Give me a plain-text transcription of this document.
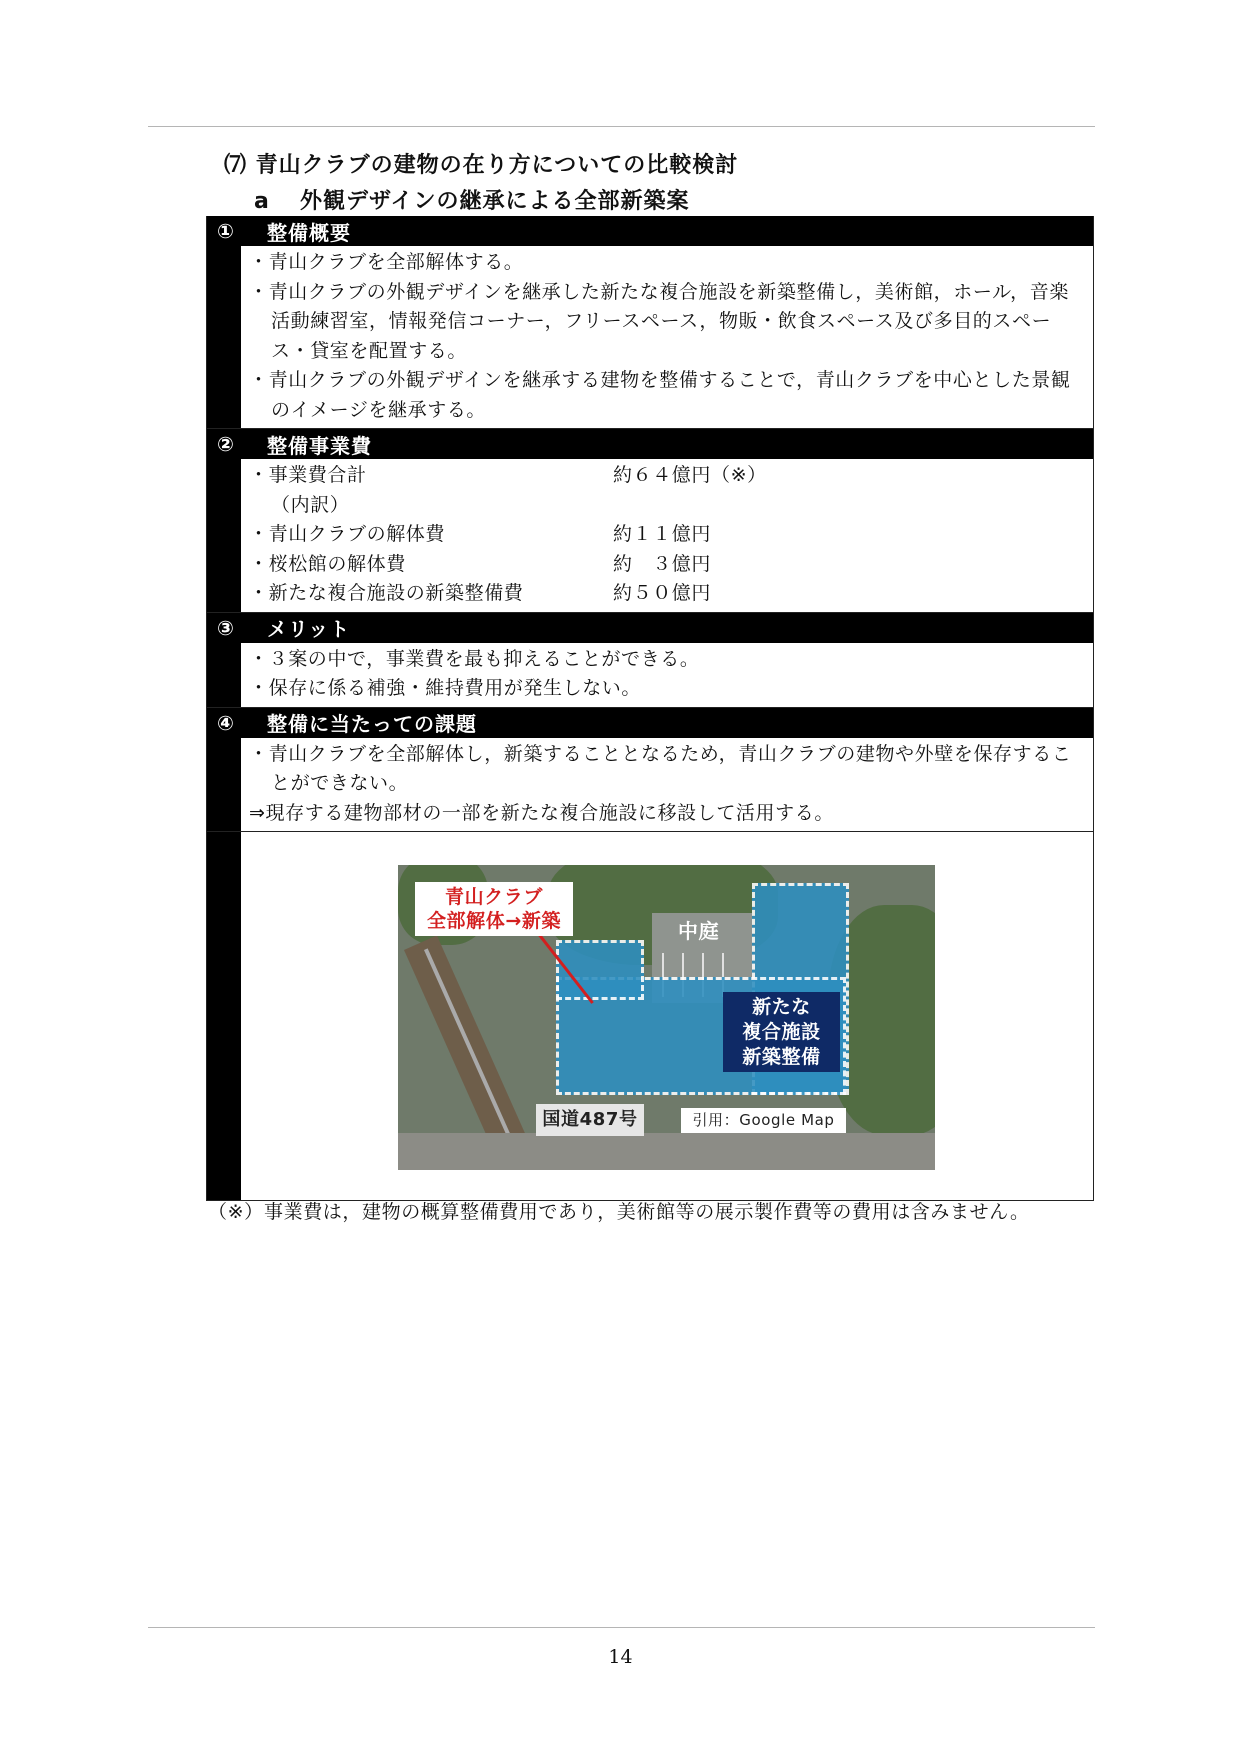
⑺ 青山クラブの建物の在り方についての比較検討
a 外観デザインの継承による全部新築案
①	整備概要
・青山クラブを全部解体する。
・青山クラブの外観デザインを継承した新たな複合施設を新築整備し，美術館，ホール，音楽活動練習室，情報発信コーナー，フリースペース，物販・飲食スペース及び多目的スペース・貸室を配置する。
・青山クラブの外観デザインを継承する建物を整備することで，青山クラブを中心とした景観のイメージを継承する。
②	整備事業費
・事業費合計	約６４億円（※）
（内訳）
・青山クラブの解体費	約１１億円
・桜松館の解体費	約　３億円
・新たな複合施設の新築整備費	約５０億円
③	メリット
・３案の中で，事業費を最も抑えることができる。
・保存に係る補強・維持費用が発生しない。
④	整備に当たっての課題
・青山クラブを全部解体し，新築することとなるため，青山クラブの建物や外壁を保存することができない。
⇒現存する建物部材の一部を新たな複合施設に移設して活用する。
青山クラブ
全部解体→新築	中庭
新たな
複合施設
新築整備
国道487号	引用：Google Map
（※） 事業費は，建物の概算整備費用であり，美術館等の展示製作費等の費用は含みません。
14
